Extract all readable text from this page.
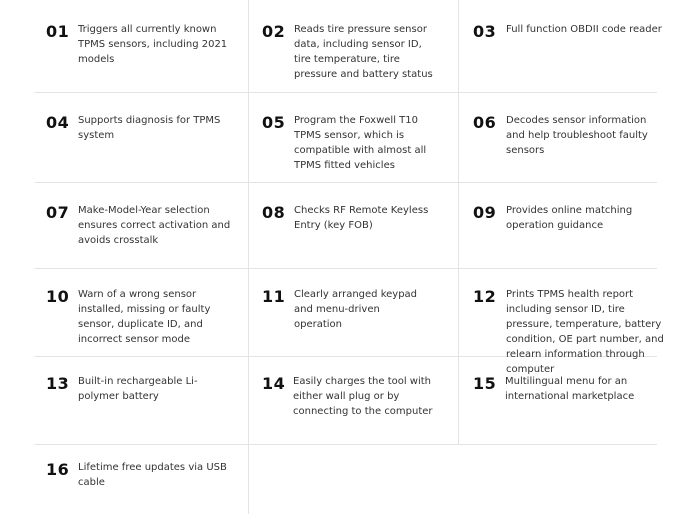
01 Triggers all currently known TPMS sensors, including 2021 models
02 Reads tire pressure sensor data, including sensor ID, tire temperature, tire pressure and battery status
03 Full function OBDII code reader
04 Supports diagnosis for TPMS system
05 Program the Foxwell T10 TPMS sensor, which is compatible with almost all TPMS fitted vehicles
06 Decodes sensor information and help troubleshoot faulty sensors
07 Make-Model-Year selection ensures correct activation and avoids crosstalk
08 Checks RF Remote Keyless Entry (key FOB)
09 Provides online matching operation guidance
10 Warn of a wrong sensor installed, missing or faulty sensor, duplicate ID, and incorrect sensor mode
11 Clearly arranged keypad and menu-driven operation
12 Prints TPMS health report including sensor ID, tire pressure, temperature, battery condition, OE part number, and relearn information through computer
13 Built-in rechargeable Li-polymer battery
14 Easily charges the tool with either wall plug or by connecting to the computer
15 Multilingual menu for an international marketplace
16 Lifetime free updates via USB cable
